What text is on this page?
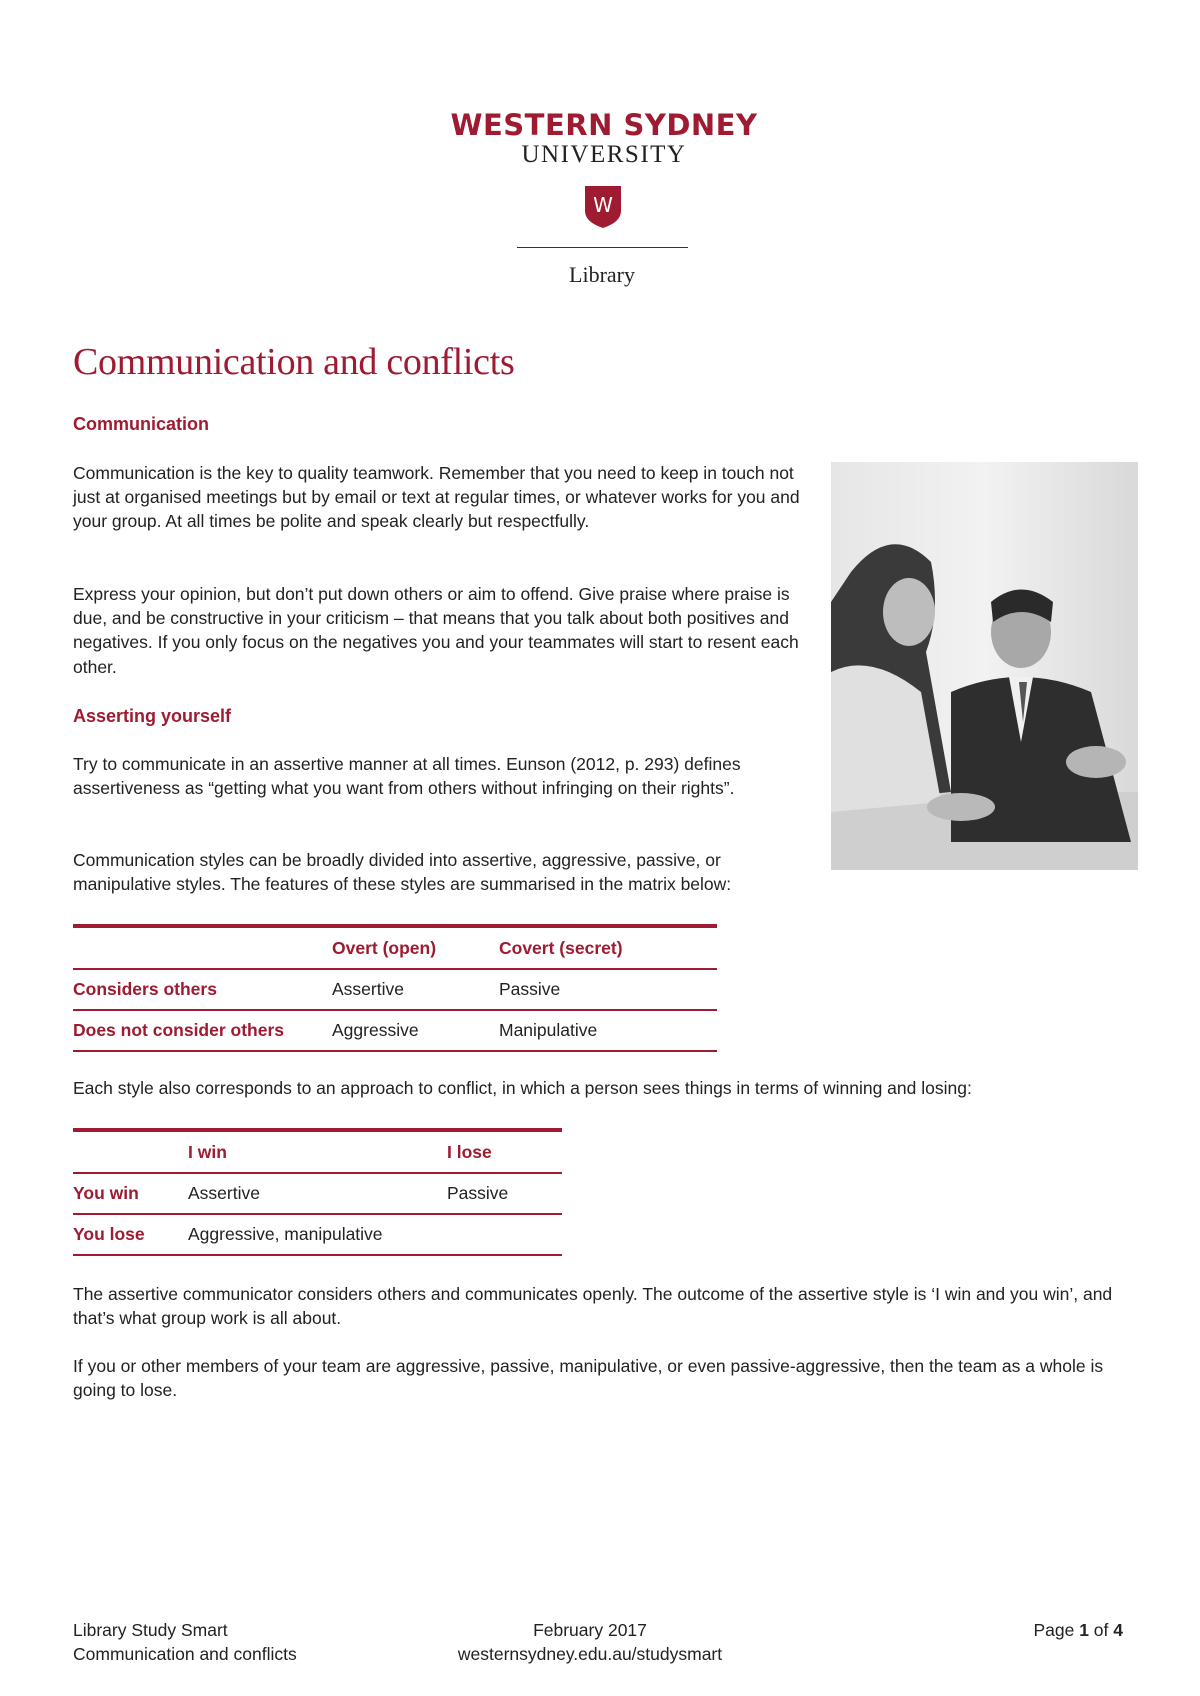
WESTERN SYDNEY
UNIVERSITY
W
Library
Communication and conflicts
Communication

Communication is the key to quality teamwork. Remember that you need to keep in touch not just at organised meetings but by email or text at regular times, or whatever works for you and your group. At all times be polite and speak clearly but respectfully.

Express your opinion, but don’t put down others or aim to offend. Give praise where praise is due, and be constructive in your criticism – that means that you talk about both positives and negatives. If you only focus on the negatives you and your teammates will start to resent each other.

Asserting yourself

Try to communicate in an assertive manner at all times. Eunson (2012, p. 293) defines assertiveness as “getting what you want from others without infringing on their rights”.

Communication styles can be broadly divided into assertive, aggressive, passive, or manipulative styles. The features of these styles are summarised in the matrix below:

	Overt (open)	Covert (secret)
Considers others	Assertive	Passive
Does not consider others	Aggressive	Manipulative

Each style also corresponds to an approach to conflict, in which a person sees things in terms of winning and losing:

	I win	I lose
You win	Assertive	Passive
You lose	Aggressive, manipulative	

The assertive communicator considers others and communicates openly. The outcome of the assertive style is ‘I win and you win’, and that’s what group work is all about.

If you or other members of your team are aggressive, passive, manipulative, or even passive-aggressive, then the team as a whole is going to lose.

Library Study Smart
Communication and conflicts
February 2017
westernsydney.edu.au/studysmart
Page 1 of 4
